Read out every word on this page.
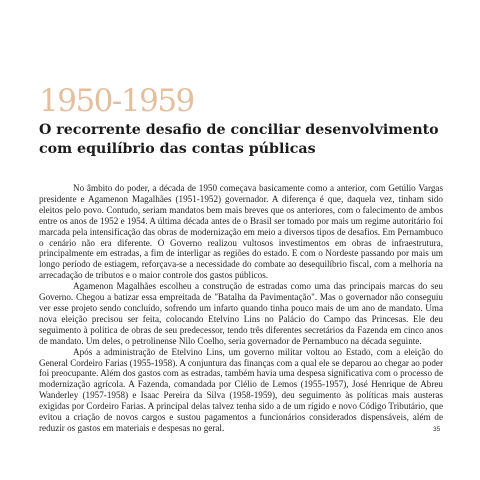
1950-1959
O recorrente desafio de conciliar desenvolvimento
com equilíbrio das contas públicas

No âmbito do poder, a década de 1950 começava basicamente como a anterior, com Getúlio Vargas presidente e Agamenon Magalhães (1951-1952) governador. A diferença é que, daquela vez, tinham sido eleitos pelo povo. Contudo, seriam mandatos bem mais breves que os anteriores, com o falecimento de ambos entre os anos de 1952 e 1954. A última década antes de o Brasil ser tomado por mais um regime autoritário foi marcada pela intensificação das obras de modernização em meio a diversos tipos de desafios. Em Pernambuco o cenário não era diferente. O Governo realizou vultosos investimentos em obras de infraestrutura, principalmente em estradas, a fim de interligar as regiões do estado. E com o Nordeste passando por mais um longo período de estiagem, reforçava-se a necessidade do combate ao desequilíbrio fiscal, com a melhoria na arrecadação de tributos e o maior controle dos gastos públicos.

Agamenon Magalhães escolheu a construção de estradas como uma das principais marcas do seu Governo. Chegou a batizar essa empreitada de "Batalha da Pavimentação". Mas o governador não conseguiu ver esse projeto sendo concluído, sofrendo um infarto quando tinha pouco mais de um ano de mandato. Uma nova eleição precisou ser feita, colocando Etelvino Lins no Palácio do Campo das Princesas. Ele deu seguimento à política de obras de seu predecessor, tendo três diferentes secretários da Fazenda em cinco anos de mandato. Um deles, o petrolinense Nilo Coelho, seria governador de Pernambuco na década seguinte.

Após a administração de Etelvino Lins, um governo militar voltou ao Estado, com a eleição do General Cordeiro Farias (1955-1958). A conjuntura das finanças com a qual ele se deparou ao chegar ao poder foi preocupante. Além dos gastos com as estradas, também havia uma despesa significativa com o processo de modernização agrícola. A Fazenda, comandada por Clélio de Lemos (1955-1957), José Henrique de Abreu Wanderley (1957-1958) e Isaac Pereira da Silva (1958-1959), deu seguimento às políticas mais austeras exigidas por Cordeiro Farias. A principal delas talvez tenha sido a de um rígido e novo Código Tributário, que evitou a criação de novos cargos e sustou pagamentos a funcionários considerados dispensáveis, além de reduzir os gastos em materiais e despesas no geral.	35
